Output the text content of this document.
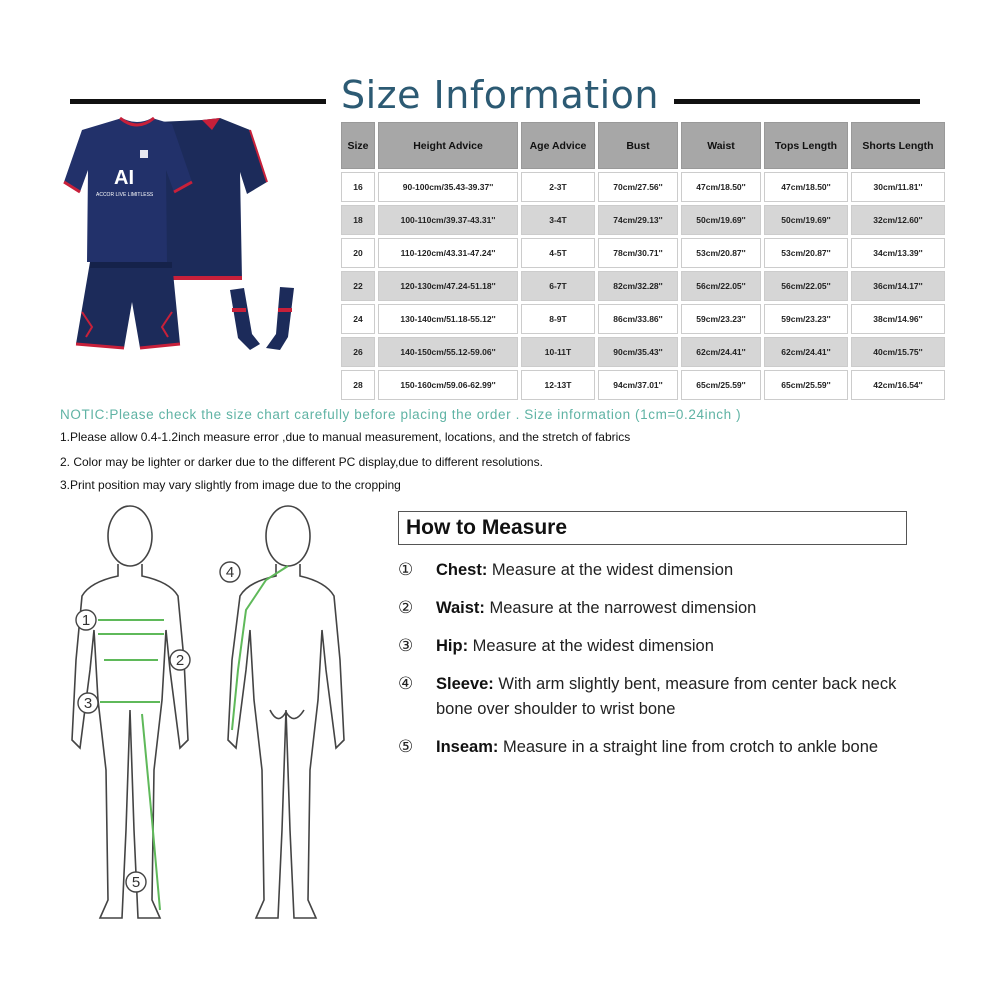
Size Information
AI
ACCOR LIVE LIMITLESS
Size	Height Advice	Age Advice	Bust	Waist	Tops Length	Shorts Length
16	90-100cm/35.43-39.37''	2-3T	70cm/27.56''	47cm/18.50''	47cm/18.50''	30cm/11.81''
18	100-110cm/39.37-43.31''	3-4T	74cm/29.13''	50cm/19.69''	50cm/19.69''	32cm/12.60''
20	110-120cm/43.31-47.24''	4-5T	78cm/30.71''	53cm/20.87''	53cm/20.87''	34cm/13.39''
22	120-130cm/47.24-51.18''	6-7T	82cm/32.28''	56cm/22.05''	56cm/22.05''	36cm/14.17''
24	130-140cm/51.18-55.12''	8-9T	86cm/33.86''	59cm/23.23''	59cm/23.23''	38cm/14.96''
26	140-150cm/55.12-59.06''	10-11T	90cm/35.43''	62cm/24.41''	62cm/24.41''	40cm/15.75''
28	150-160cm/59.06-62.99''	12-13T	94cm/37.01''	65cm/25.59''	65cm/25.59''	42cm/16.54''
NOTIC:Please check the size chart carefully before placing the order . Size information (1cm=0.24inch )
1.Please allow 0.4-1.2inch measure error ,due to manual measurement, locations, and the stretch of fabrics
2. Color may be lighter or darker due to the different PC display,due to different resolutions.
3.Print position may vary slightly from image due to the cropping
1
2
3
4
5
How to Measure
① Chest: Measure at the widest dimension
② Waist: Measure at the narrowest dimension
③ Hip: Measure at the widest dimension
④ Sleeve: With arm slightly bent, measure from center back neck bone over shoulder to wrist bone
⑤ Inseam: Measure in a straight line from crotch to ankle bone
